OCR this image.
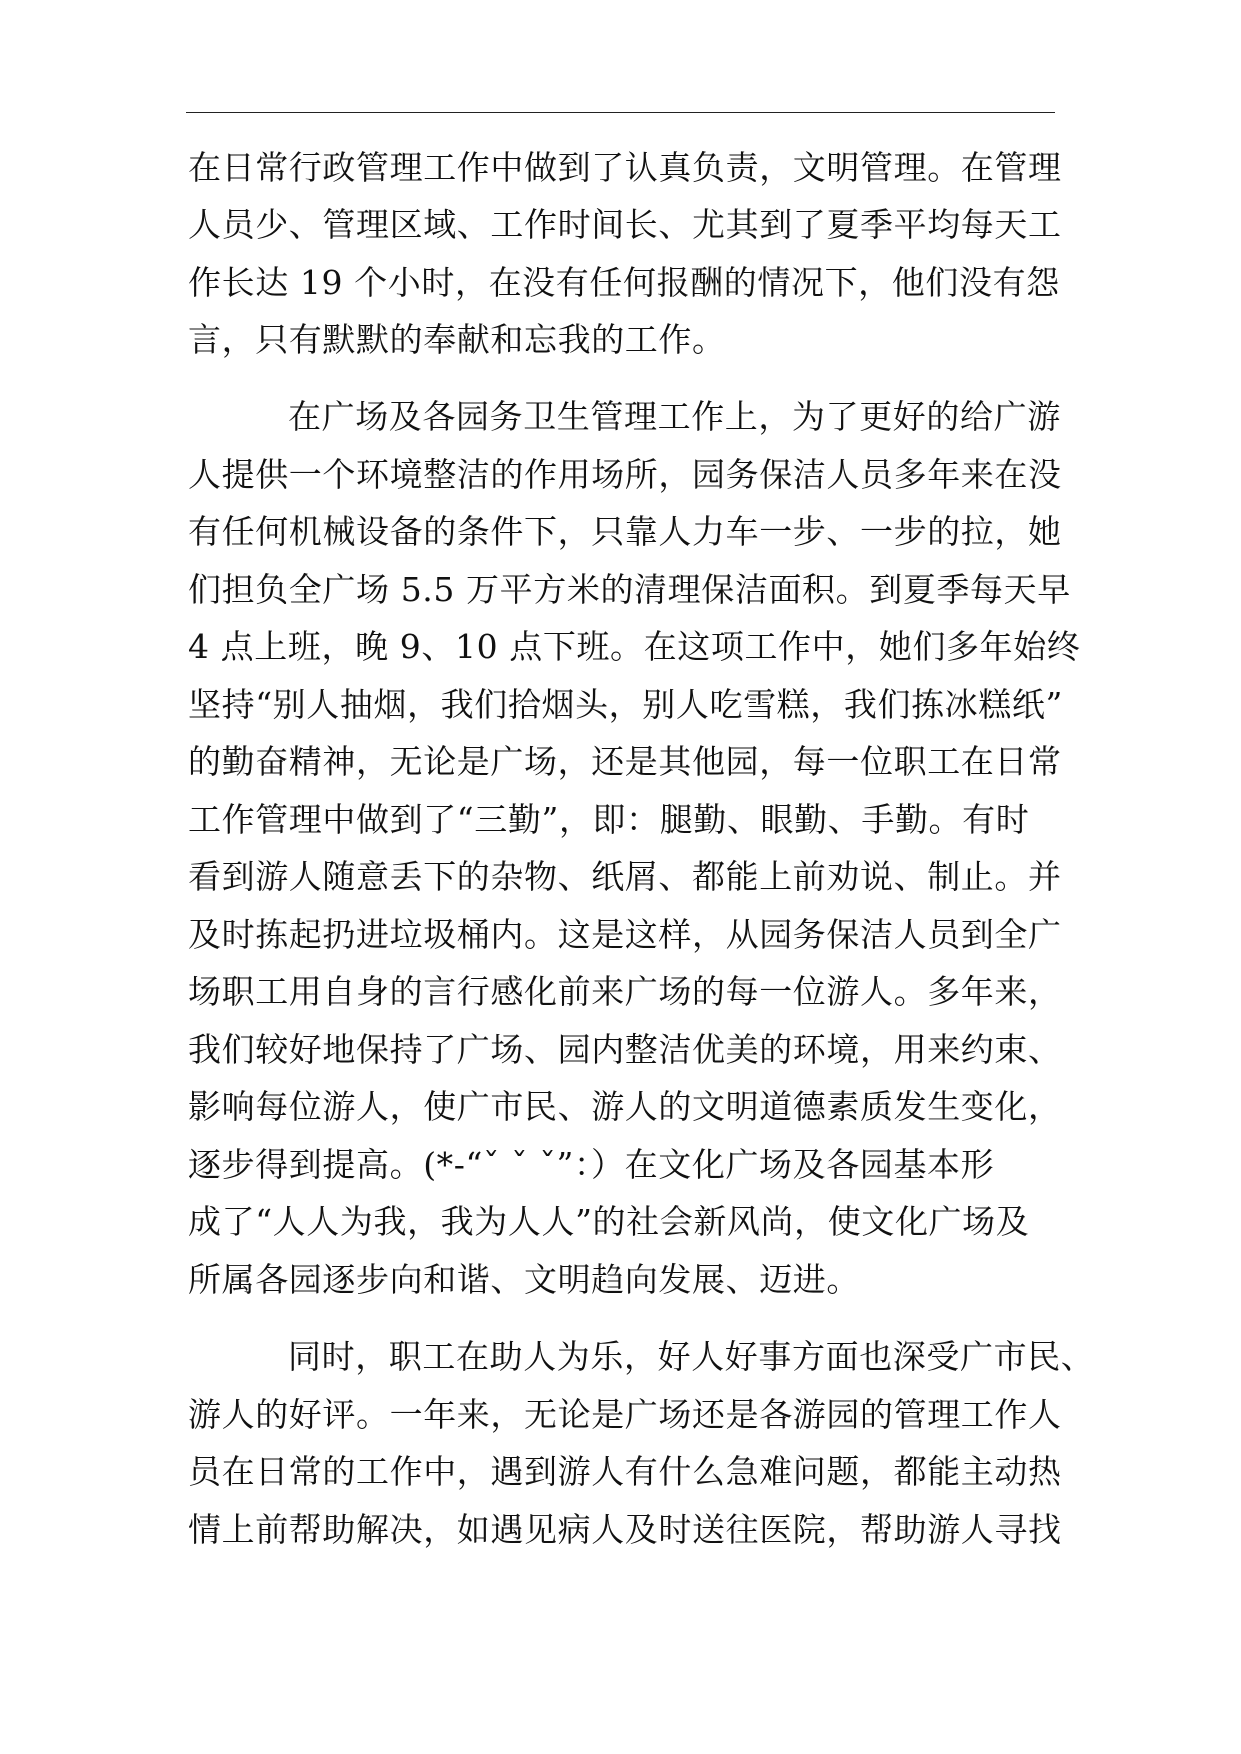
在日常行政管理工作中做到了认真负责，文明管理。在管理
人员少、管理区域、工作时间长、尤其到了夏季平均每天工
作长达 19 个小时，在没有任何报酬的情况下，他们没有怨
言，只有默默的奉献和忘我的工作。
在广场及各园务卫生管理工作上，为了更好的给广游
人提供一个环境整洁的作用场所，园务保洁人员多年来在没
有任何机械设备的条件下，只靠人力车一步、一步的拉，她
们担负全广场 5.5 万平方米的清理保洁面积。到夏季每天早
4 点上班，晚 9、10 点下班。在这项工作中，她们多年始终
坚持“别人抽烟，我们拾烟头，别人吃雪糕，我们拣冰糕纸”
的勤奋精神，无论是广场，还是其他园，每一位职工在日常
工作管理中做到了“三勤”，即：腿勤、眼勤、手勤。有时
看到游人随意丢下的杂物、纸屑、都能上前劝说、制止。并
及时拣起扔进垃圾桶内。这是这样，从园务保洁人员到全广
场职工用自身的言行感化前来广场的每一位游人。多年来，
我们较好地保持了广场、园内整洁优美的环境，用来约束、
影响每位游人，使广市民、游人的文明道德素质发生变化，
逐步得到提高。(*-“ˇ ˇ ˇ”：）在文化广场及各园基本形
成了“人人为我，我为人人”的社会新风尚，使文化广场及
所属各园逐步向和谐、文明趋向发展、迈进。
同时，职工在助人为乐，好人好事方面也深受广市民、
游人的好评。一年来，无论是广场还是各游园的管理工作人
员在日常的工作中，遇到游人有什么急难问题，都能主动热
情上前帮助解决，如遇见病人及时送往医院，帮助游人寻找
